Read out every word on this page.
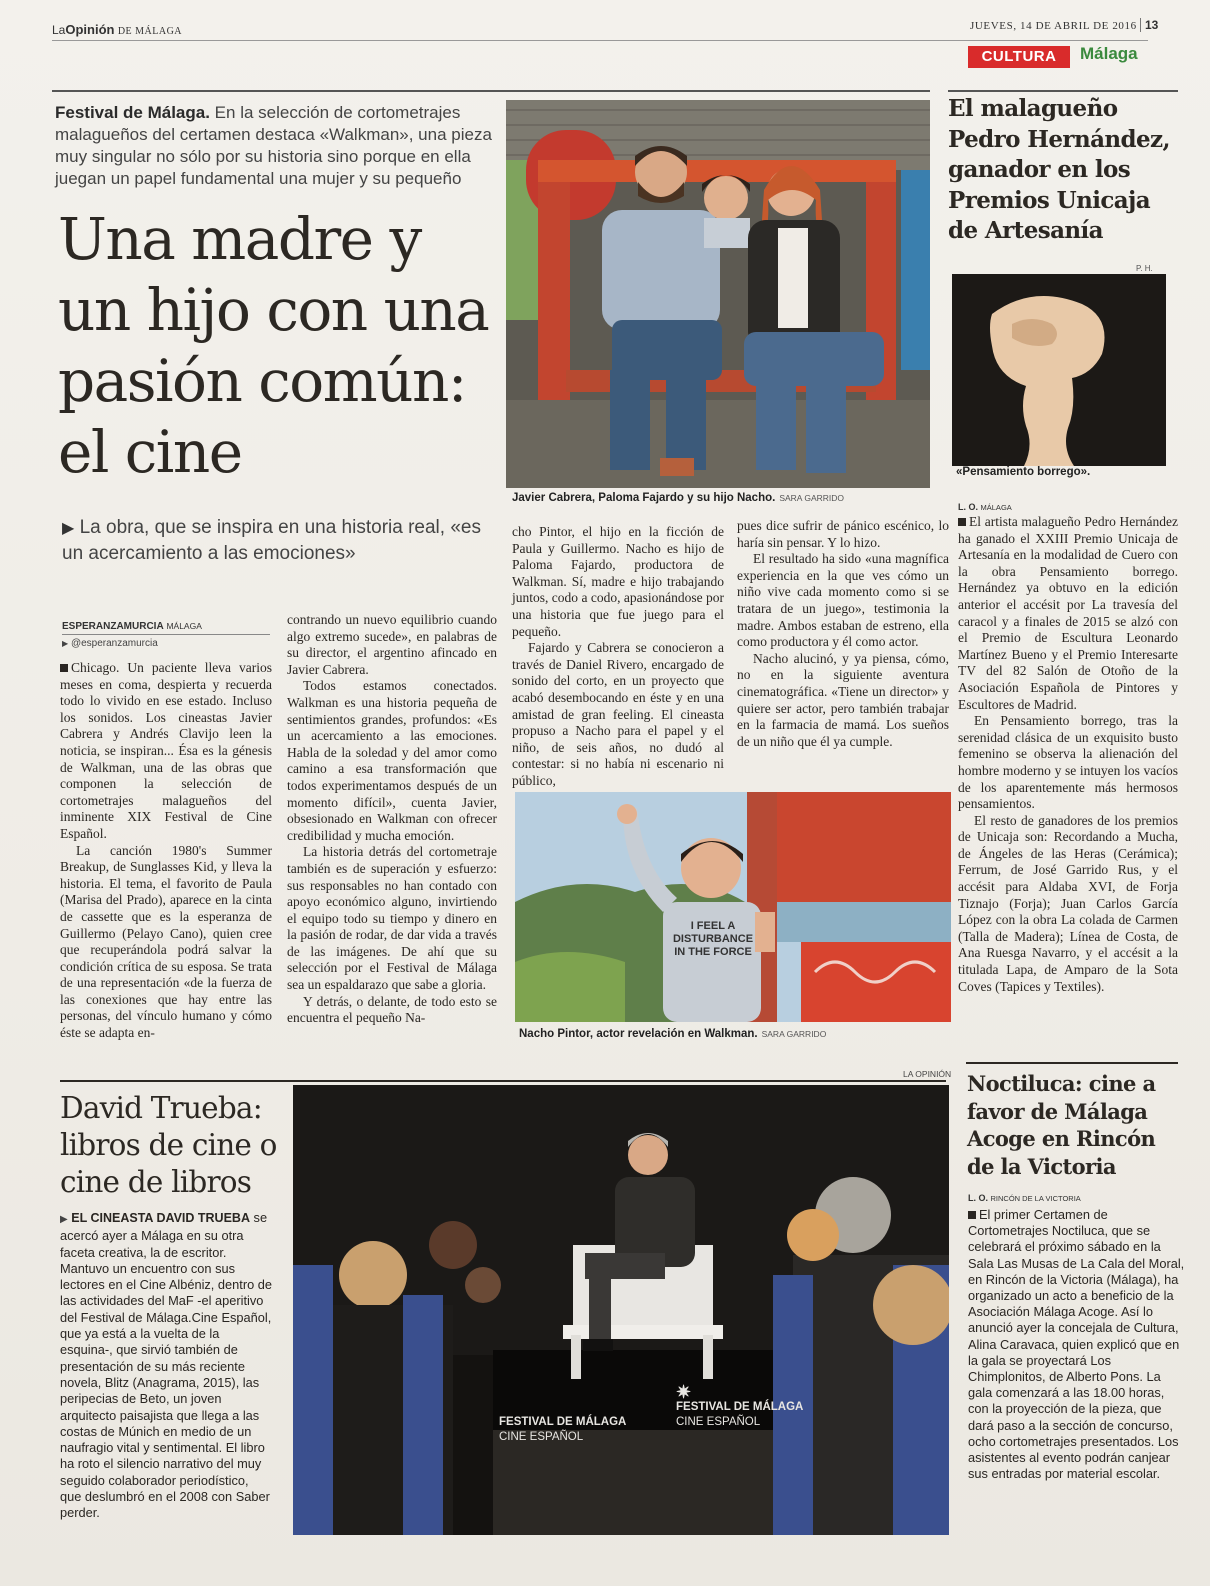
LaOpinión DE MÁLAGA	JUEVES, 14 DE ABRIL DE 2016 13
CULTURA	Málaga
Festival de Málaga. En la selección de cortometrajes malagueños del certamen destaca «Walkman», una pieza muy singular no sólo por su historia sino porque en ella juegan un papel fundamental una mujer y su pequeño
Una madre y un hijo con una pasión común: el cine
▶ La obra, que se inspira en una historia real, «es un acercamiento a las emociones»
ESPERANZAMURCIA MÁLAGA
▶ @esperanzamurcia

Chicago. Un paciente lleva varios meses en coma, despierta y recuerda todo lo vivido en ese estado. Incluso los sonidos. Los cineastas Javier Cabrera y Andrés Clavijo leen la noticia, se inspiran... Ésa es la génesis de Walkman, una de las obras que componen la selección de cortometrajes malagueños del inminente XIX Festival de Cine Español.

La canción 1980's Summer Breakup, de Sunglasses Kid, y lleva la historia. El tema, el favorito de Paula (Marisa del Prado), aparece en la cinta de cassette que es la esperanza de Guillermo (Pelayo Cano), quien cree que recuperándola podrá salvar la condición crítica de su esposa. Se trata de una representación «de la fuerza de las conexiones que hay entre las personas, del vínculo humano y cómo éste se adapta en-

contrando un nuevo equilibrio cuando algo extremo sucede», en palabras de su director, el argentino afincado en Javier Cabrera.

Todos estamos conectados. Walkman es una historia pequeña de sentimientos grandes, profundos: «Es un acercamiento a las emociones. Habla de la soledad y del amor como camino a esa transformación que todos experimentamos después de un momento difícil», cuenta Javier, obsesionado en Walkman con ofrecer credibilidad y mucha emoción.

La historia detrás del cortometraje también es de superación y esfuerzo: sus responsables no han contado con apoyo económico alguno, invirtiendo el equipo todo su tiempo y dinero en la pasión de rodar, de dar vida a través de las imágenes. De ahí que su selección por el Festival de Málaga sea un espaldarazo que sabe a gloria.

Y detrás, o delante, de todo esto se encuentra el pequeño Na-

cho Pintor, el hijo en la ficción de Paula y Guillermo. Nacho es hijo de Paloma Fajardo, productora de Walkman. Sí, madre e hijo trabajando juntos, codo a codo, apasionándose por una historia que fue juego para el pequeño.

Fajardo y Cabrera se conocieron a través de Daniel Rivero, encargado de sonido del corto, en un proyecto que acabó desembocando en éste y en una amistad de gran feeling. El cineasta propuso a Nacho para el papel y el niño, de seis años, no dudó al contestar: si no había ni escenario ni público,

pues dice sufrir de pánico escénico, lo haría sin pensar. Y lo hizo.

El resultado ha sido «una magnífica experiencia en la que ves cómo un niño vive cada momento como si se tratara de un juego», testimonia la madre. Ambos estaban de estreno, ella como productora y él como actor.

Nacho alucinó, y ya piensa, cómo, no en la siguiente aventura cinematográfica. «Tiene un director» y quiere ser actor, pero también trabajar en la farmacia de mamá. Los sueños de un niño que él ya cumple.

Javier Cabrera, Paloma Fajardo y su hijo Nacho. SARA GARRIDO
I FEEL A DISTURBANCE IN THE FORCE
Nacho Pintor, actor revelación en Walkman. SARA GARRIDO
El malagueño Pedro Hernández, ganador en los Premios Unicaja de Artesanía
P. H.
«Pensamiento borrego».
L. O. MÁLAGA

El artista malagueño Pedro Hernández ha ganado el XXIII Premio Unicaja de Artesanía en la modalidad de Cuero con la obra Pensamiento borrego. Hernández ya obtuvo en la edición anterior el accésit por La travesía del caracol y a finales de 2015 se alzó con el Premio de Escultura Leonardo Martínez Bueno y el Premio Interesarte TV del 82 Salón de Otoño de la Asociación Española de Pintores y Escultores de Madrid.

En Pensamiento borrego, tras la serenidad clásica de un exquisito busto femenino se observa la alienación del hombre moderno y se intuyen los vacíos de los aparentemente más hermosos pensamientos.

El resto de ganadores de los premios de Unicaja son: Recordando a Mucha, de Ángeles de las Heras (Cerámica); Ferrum, de José Garrido Rus, y el accésit para Aldaba XVI, de Forja Tiznajo (Forja); Juan Carlos García López con la obra La colada de Carmen (Talla de Madera); Línea de Costa, de Ana Ruesga Navarro, y el accésit a la titulada Lapa, de Amparo de la Sota Coves (Tapices y Textiles).

LA OPINIÓN
David Trueba: libros de cine o cine de libros
▶ EL CINEASTA DAVID TRUEBA se acercó ayer a Málaga en su otra faceta creativa, la de escritor. Mantuvo un encuentro con sus lectores en el Cine Albéniz, dentro de las actividades del MaF -el aperitivo del Festival de Málaga.Cine Español, que ya está a la vuelta de la esquina-, que sirvió también de presentación de su más reciente novela, Blitz (Anagrama, 2015), las peripecias de Beto, un joven arquitecto paisajista que llega a las costas de Múnich en medio de un naufragio vital y sentimental. El libro ha roto el silencio narrativo del muy seguido colaborador periodístico, que deslumbró en el 2008 con Saber perder.
FESTIVAL DE MÁLAGA
CINE ESPAÑOL
✷
FESTIVAL DE MÁLAGA
CINE ESPAÑOL
Noctiluca: cine a favor de Málaga Acoge en Rincón de la Victoria
L. O. RINCÓN DE LA VICTORIA
El primer Certamen de Cortometrajes Noctiluca, que se celebrará el próximo sábado en la Sala Las Musas de La Cala del Moral, en Rincón de la Victoria (Málaga), ha organizado un acto a beneficio de la Asociación Málaga Acoge. Así lo anunció ayer la concejala de Cultura, Alina Caravaca, quien explicó que en la gala se proyectará Los Chimplonitos, de Alberto Pons. La gala comenzará a las 18.00 horas, con la proyección de la pieza, que dará paso a la sección de concurso, ocho cortometrajes presentados. Los asistentes al evento podrán canjear sus entradas por material escolar.
